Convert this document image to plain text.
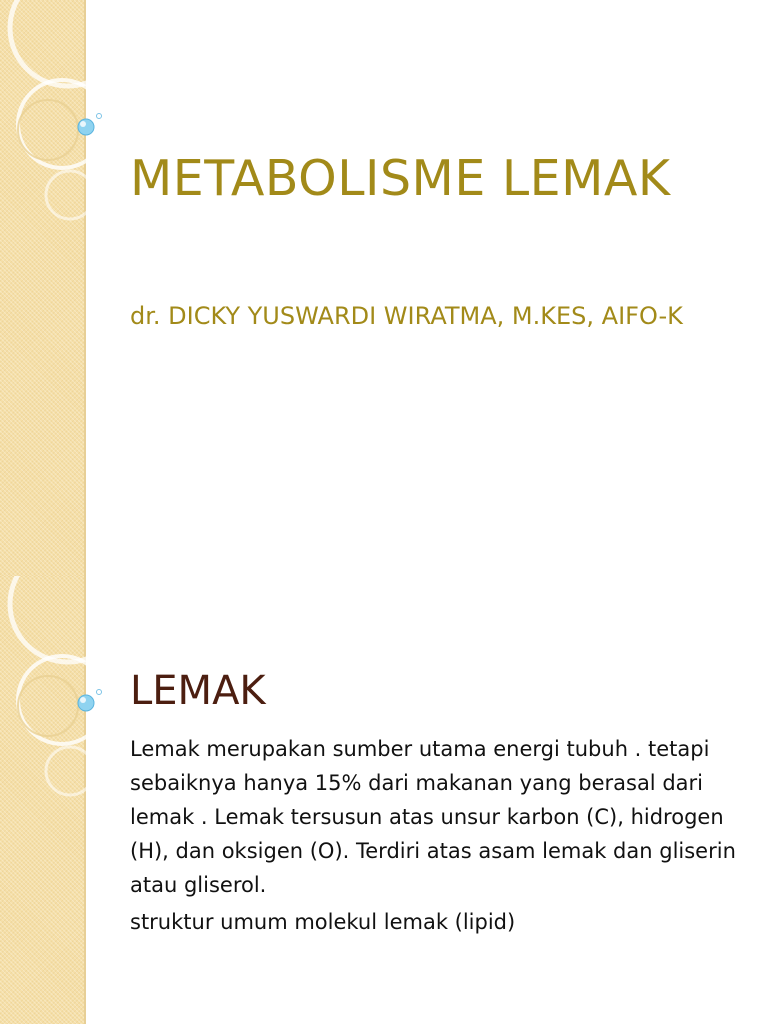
METABOLISME LEMAK

dr. DICKY YUSWARDI WIRATMA, M.KES, AIFO-K

LEMAK

Lemak merupakan sumber utama energi tubuh . tetapi sebaiknya hanya 15% dari makanan yang berasal dari lemak . Lemak tersusun atas unsur karbon (C), hidrogen (H), dan oksigen (O). Terdiri atas asam lemak dan gliserin atau gliserol.

struktur umum molekul lemak (lipid)
